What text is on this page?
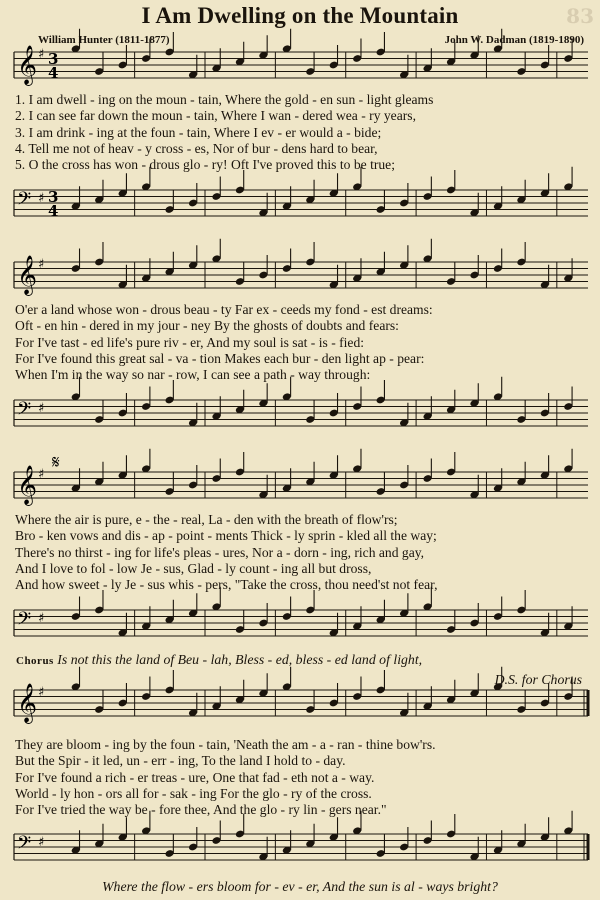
83
I Am Dwelling on the Mountain
William Hunter (1811-1877)	John W. Dadman (1819-1890)
𝄞 ♯ 3
4
𝄞 ♯
𝄞 ♯
𝄋
𝄞 ♯
𝄢 ♯ 3
4
𝄢 ♯
𝄢 ♯
𝄢 ♯
1. I am dwell - ing on the moun - tain, Where the gold - en sun - light gleams
2. I can see far down the moun - tain, Where I wan - dered wea - ry years,
3. I am drink - ing at the foun - tain, Where I ev - er would a - bide;
4. Tell me not of heav - y cross - es, Nor of bur - dens hard to bear,
5. O the cross has won - drous glo - ry! Oft I've proved this to be true;
O'er a land whose won - drous beau - ty Far ex - ceeds my fond - est dreams:
Oft - en hin - dered in my jour - ney By the ghosts of doubts and fears:
For I've tast - ed life's pure riv - er, And my soul is sat - is - fied:
For I've found this great sal - va - tion Makes each bur - den light ap - pear:
When I'm in the way so nar - row, I can see a path - way through:
Where the air is pure, e - the - real, La - den with the breath of flow'rs;
Bro - ken vows and dis - ap - point - ments Thick - ly sprin - kled all the way;
There's no thirst - ing for life's pleas - ures, Nor a - dorn - ing, rich and gay,
And I love to fol - low Je - sus, Glad - ly count - ing all but dross,
And how sweet - ly Je - sus whis - pers, "Take the cross, thou need'st not fear,
They are bloom - ing by the foun - tain, 'Neath the am - a - ran - thine bow'rs.
But the Spir - it led, un - err - ing, To the land I hold to - day.
For I've found a rich - er treas - ure, One that fad - eth not a - way.
World - ly hon - ors all for - sak - ing For the glo - ry of the cross.
For I've tried the way be - fore thee, And the glo - ry lin - gers near."
Chorus Is not this the land of Beu - lah, Bless - ed, bless - ed land of light,
D.S. for Chorus
Where the flow - ers bloom for - ev - er, And the sun is al - ways bright?
